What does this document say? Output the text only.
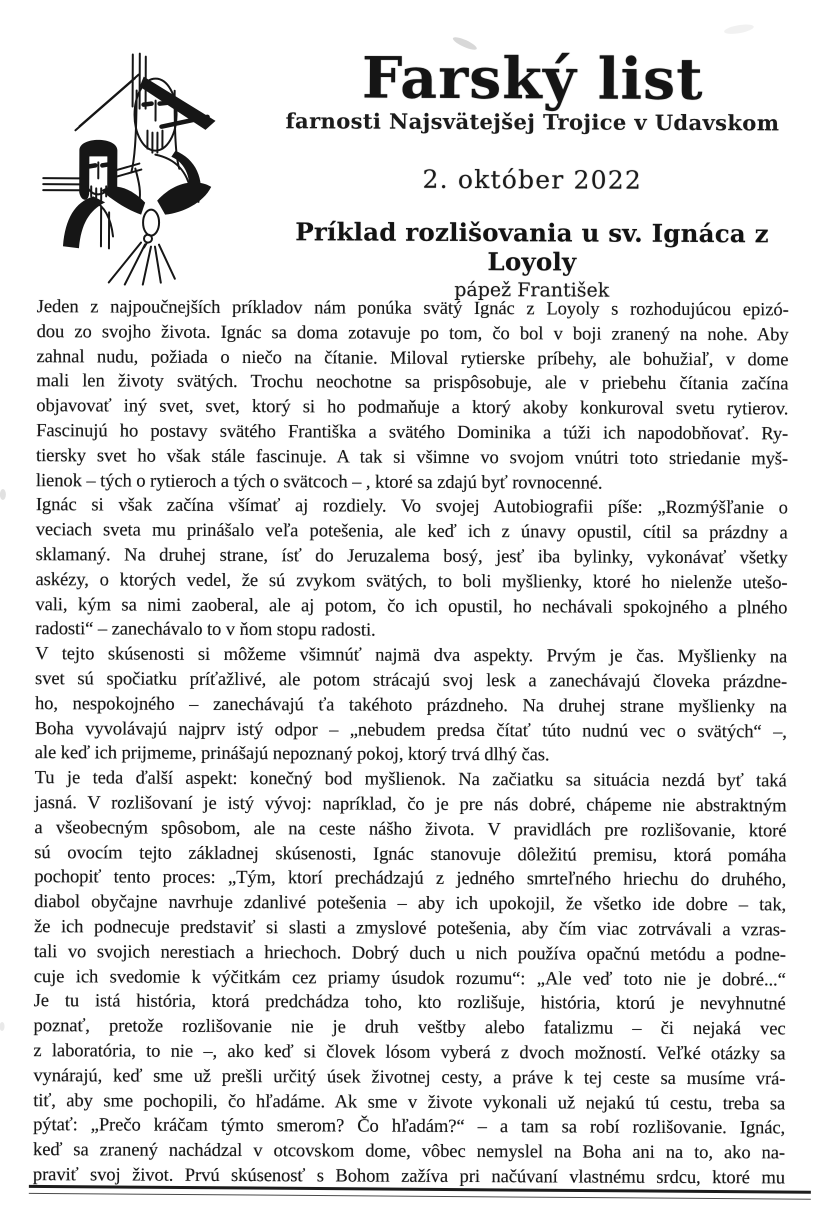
Farský list
farnosti Najsvätejšej Trojice v Udavskom
2. október 2022
Príklad rozlišovania u sv. Ignáca z Loyoly
pápež František
Jeden z najpoučnejších príkladov nám ponúka svätý Ignác z Loyoly s rozhodujúcou epizó-
dou zo svojho života. Ignác sa doma zotavuje po tom, čo bol v boji zranený na nohe. Aby
zahnal nudu, požiada o niečo na čítanie. Miloval rytierske príbehy, ale bohužiaľ, v dome
mali len životy svätých. Trochu neochotne sa prispôsobuje, ale v priebehu čítania začína
objavovať iný svet, svet, ktorý si ho podmaňuje a ktorý akoby konkuroval svetu rytierov.
Fascinujú ho postavy svätého Františka a svätého Dominika a túži ich napodobňovať. Ry-
tiersky svet ho však stále fascinuje. A tak si všimne vo svojom vnútri toto striedanie myš-
lienok – tých o rytieroch a tých o svätcoch – , ktoré sa zdajú byť rovnocenné.
Ignác si však začína všímať aj rozdiely. Vo svojej Autobiografii píše: „Rozmýšľanie o
veciach sveta mu prinášalo veľa potešenia, ale keď ich z únavy opustil, cítil sa prázdny a
sklamaný. Na druhej strane, ísť do Jeruzalema bosý, jesť iba bylinky, vykonávať všetky
askézy, o ktorých vedel, že sú zvykom svätých, to boli myšlienky, ktoré ho nielenže utešo-
vali, kým sa nimi zaoberal, ale aj potom, čo ich opustil, ho nechávali spokojného a plného
radosti“ – zanechávalo to v ňom stopu radosti.
V tejto skúsenosti si môžeme všimnúť najmä dva aspekty. Prvým je čas. Myšlienky na
svet sú spočiatku príťažlivé, ale potom strácajú svoj lesk a zanechávajú človeka prázdne-
ho, nespokojného – zanechávajú ťa takéhoto prázdneho. Na druhej strane myšlienky na
Boha vyvolávajú najprv istý odpor – „nebudem predsa čítať túto nudnú vec o svätých“ –,
ale keď ich prijmeme, prinášajú nepoznaný pokoj, ktorý trvá dlhý čas.
Tu je teda ďalší aspekt: konečný bod myšlienok. Na začiatku sa situácia nezdá byť taká
jasná. V rozlišovaní je istý vývoj: napríklad, čo je pre nás dobré, chápeme nie abstraktným
a všeobecným spôsobom, ale na ceste nášho života. V pravidlách pre rozlišovanie, ktoré
sú ovocím tejto základnej skúsenosti, Ignác stanovuje dôležitú premisu, ktorá pomáha
pochopiť tento proces: „Tým, ktorí prechádzajú z jedného smrteľného hriechu do druhého,
diabol obyčajne navrhuje zdanlivé potešenia – aby ich upokojil, že všetko ide dobre – tak,
že ich podnecuje predstaviť si slasti a zmyslové potešenia, aby čím viac zotrvávali a vzras-
tali vo svojich nerestiach a hriechoch. Dobrý duch u nich používa opačnú metódu a podne-
cuje ich svedomie k výčitkám cez priamy úsudok rozumu“: „Ale veď toto nie je dobré...“
Je tu istá história, ktorá predchádza toho, kto rozlišuje, história, ktorú je nevyhnutné
poznať, pretože rozlišovanie nie je druh veštby alebo fatalizmu – či nejaká vec
z laboratória, to nie –, ako keď si človek lósom vyberá z dvoch možností. Veľké otázky sa
vynárajú, keď sme už prešli určitý úsek životnej cesty, a práve k tej ceste sa musíme vrá-
tiť, aby sme pochopili, čo hľadáme. Ak sme v živote vykonali už nejakú tú cestu, treba sa
pýtať: „Prečo kráčam týmto smerom? Čo hľadám?“ – a tam sa robí rozlišovanie. Ignác,
keď sa zranený nachádzal v otcovskom dome, vôbec nemyslel na Boha ani na to, ako na-
praviť svoj život. Prvú skúsenosť s Bohom zažíva pri načúvaní vlastnému srdcu, ktoré mu
